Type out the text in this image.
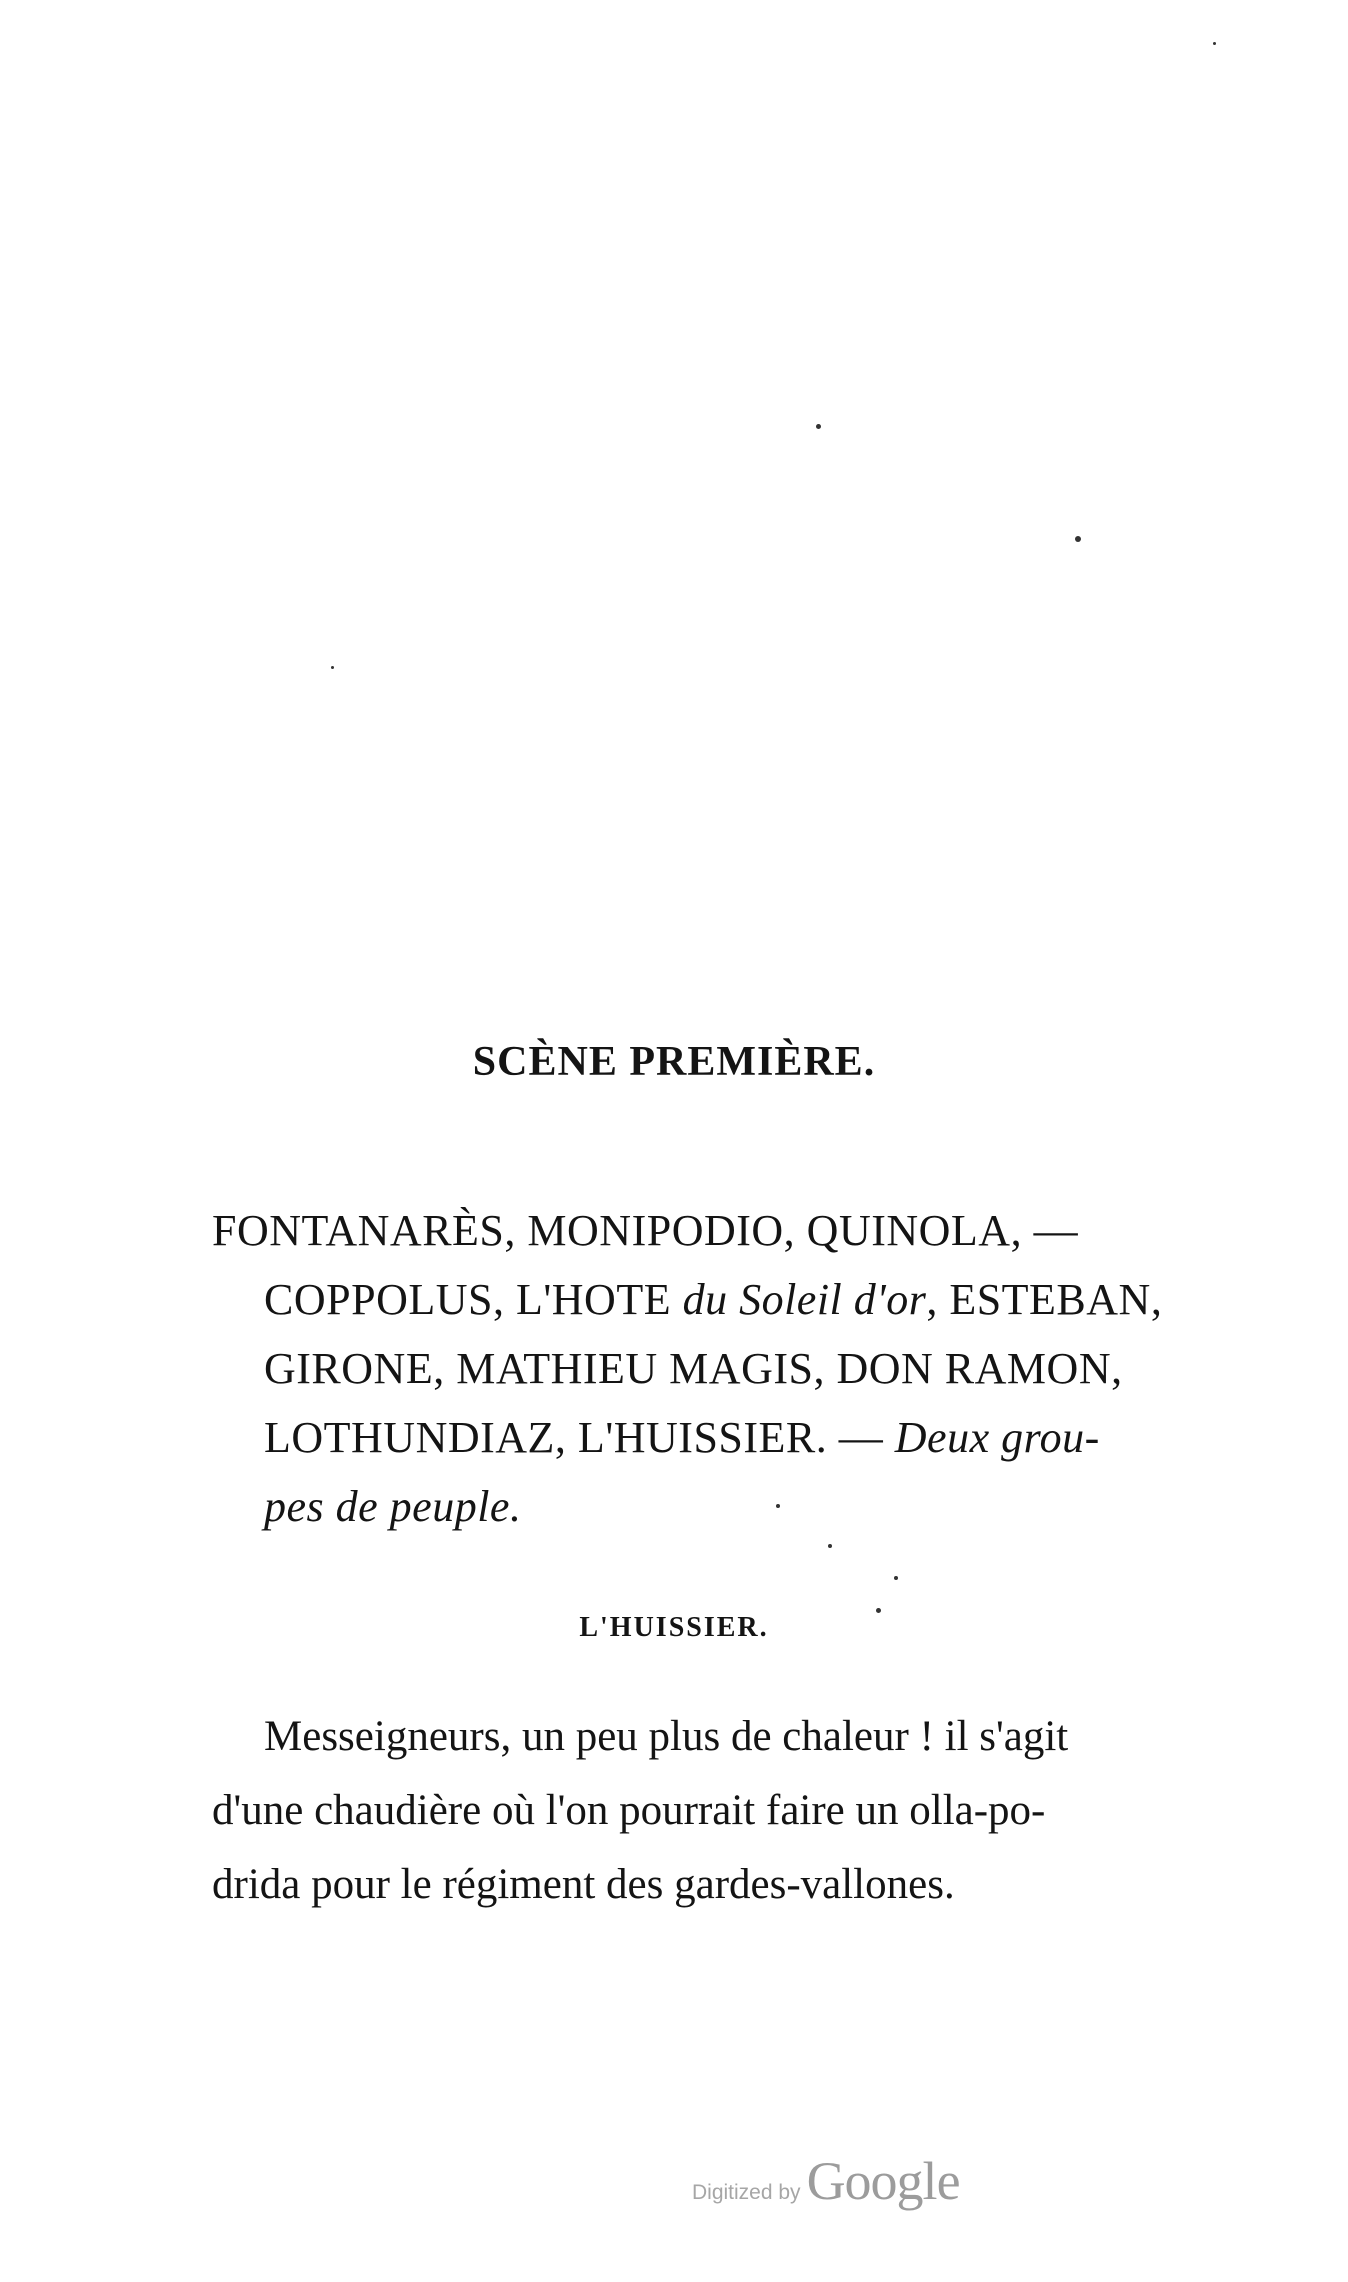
SCÈNE PREMIÈRE.
FONTANARÈS, MONIPODIO, QUINOLA, —
COPPOLUS, L'HOTE du Soleil d'or, ESTEBAN,
GIRONE, MATHIEU MAGIS, DON RAMON,
LOTHUNDIAZ, L'HUISSIER. — Deux grou-
pes de peuple.
L'HUISSIER.
Messeigneurs, un peu plus de chaleur ! il s'agit
d'une chaudière où l'on pourrait faire un olla-po-
drida pour le régiment des gardes-vallones.
Digitized by Google
